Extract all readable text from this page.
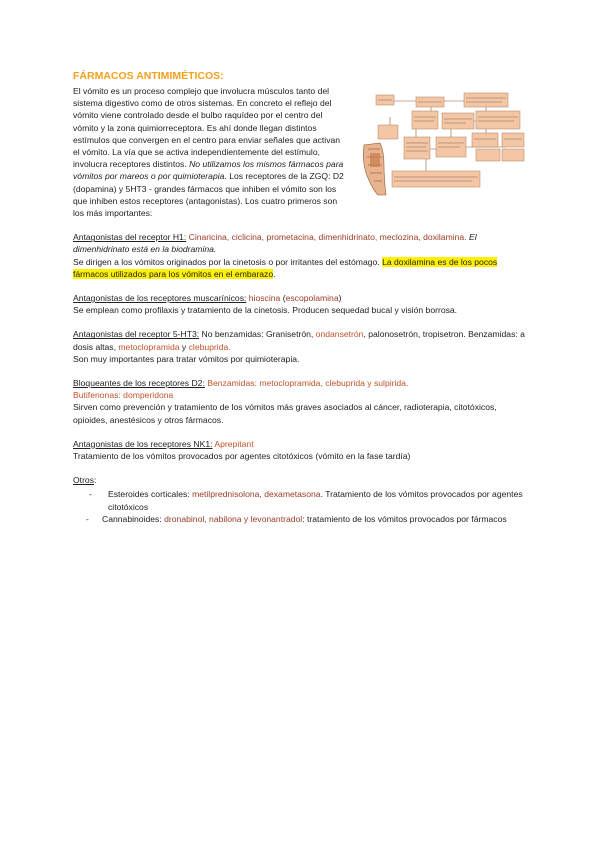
FÁRMACOS ANTIMIMÉTICOS:

El vómito es un proceso complejo que involucra músculos tanto del sistema digestivo como de otros sistemas. En concreto el reflejo del vómito viene controlado desde el bulbo raquídeo por el centro del vómito y la zona quimiorreceptora. Es ahí donde llegan distintos estímulos que convergen en el centro para enviar señales que activan el vómito. La vía que se activa independientemente del estímulo, involucra receptores distintos. No utilizamos los mismos fármacos para vómitos por mareos o por quimioterapia. Los receptores de la ZGQ: D2 (dopamina) y 5HT3 - grandes fármacos que inhiben el vómito son los que inhiben estos receptores (antagonistas). Los cuatro primeros son los más importantes:

Antagonistas del receptor H1: Cinaricina, ciclicina, prometacina, dimenhidrinato, meclozina, doxilamina. El dimenhidrinato está en la biodramina.

Se dirigen a los vómitos originados por la cinetosis o por irritantes del estómago. La doxilamina es de los pocos fármacos utilizados para los vómitos en el embarazo.

Antagonistas de los receptores muscarínicos: hioscina (escopolamina)

Se emplean como profilaxis y tratamiento de la cinetosis. Producen sequedad bucal y visión borrosa.

Antagonistas del receptor 5-HT3: No benzamidas: Granisetrón, ondansetrón, palonosetrón, tropisetron. Benzamidas: a dosis altas, metoclopramida y clebuprida.

Son muy importantes para tratar vómitos por quimioterapia.

Bloqueantes de los receptores D2: Benzamidas: metoclopramida, clebuprida y sulpirida.

Butifenonas: domperidona

Sirven como prevención y tratamiento de los vómitos más graves asociados al cáncer, radioterapia, citotóxicos, opioides, anestésicos y otros fármacos.

Antagonistas de los receptores NK1: Aprepitant

Tratamiento de los vómitos provocados por agentes citotóxicos (vómito en la fase tardía)

Otros:

- Esteroides corticales: metilprednisolona, dexametasona. Tratamiento de los vómitos provocados por agentes citotóxicos
- Cannabinoides: dronabinol, nabilona y levonantradol: tratamiento de los vómitos provocados por fármacos
